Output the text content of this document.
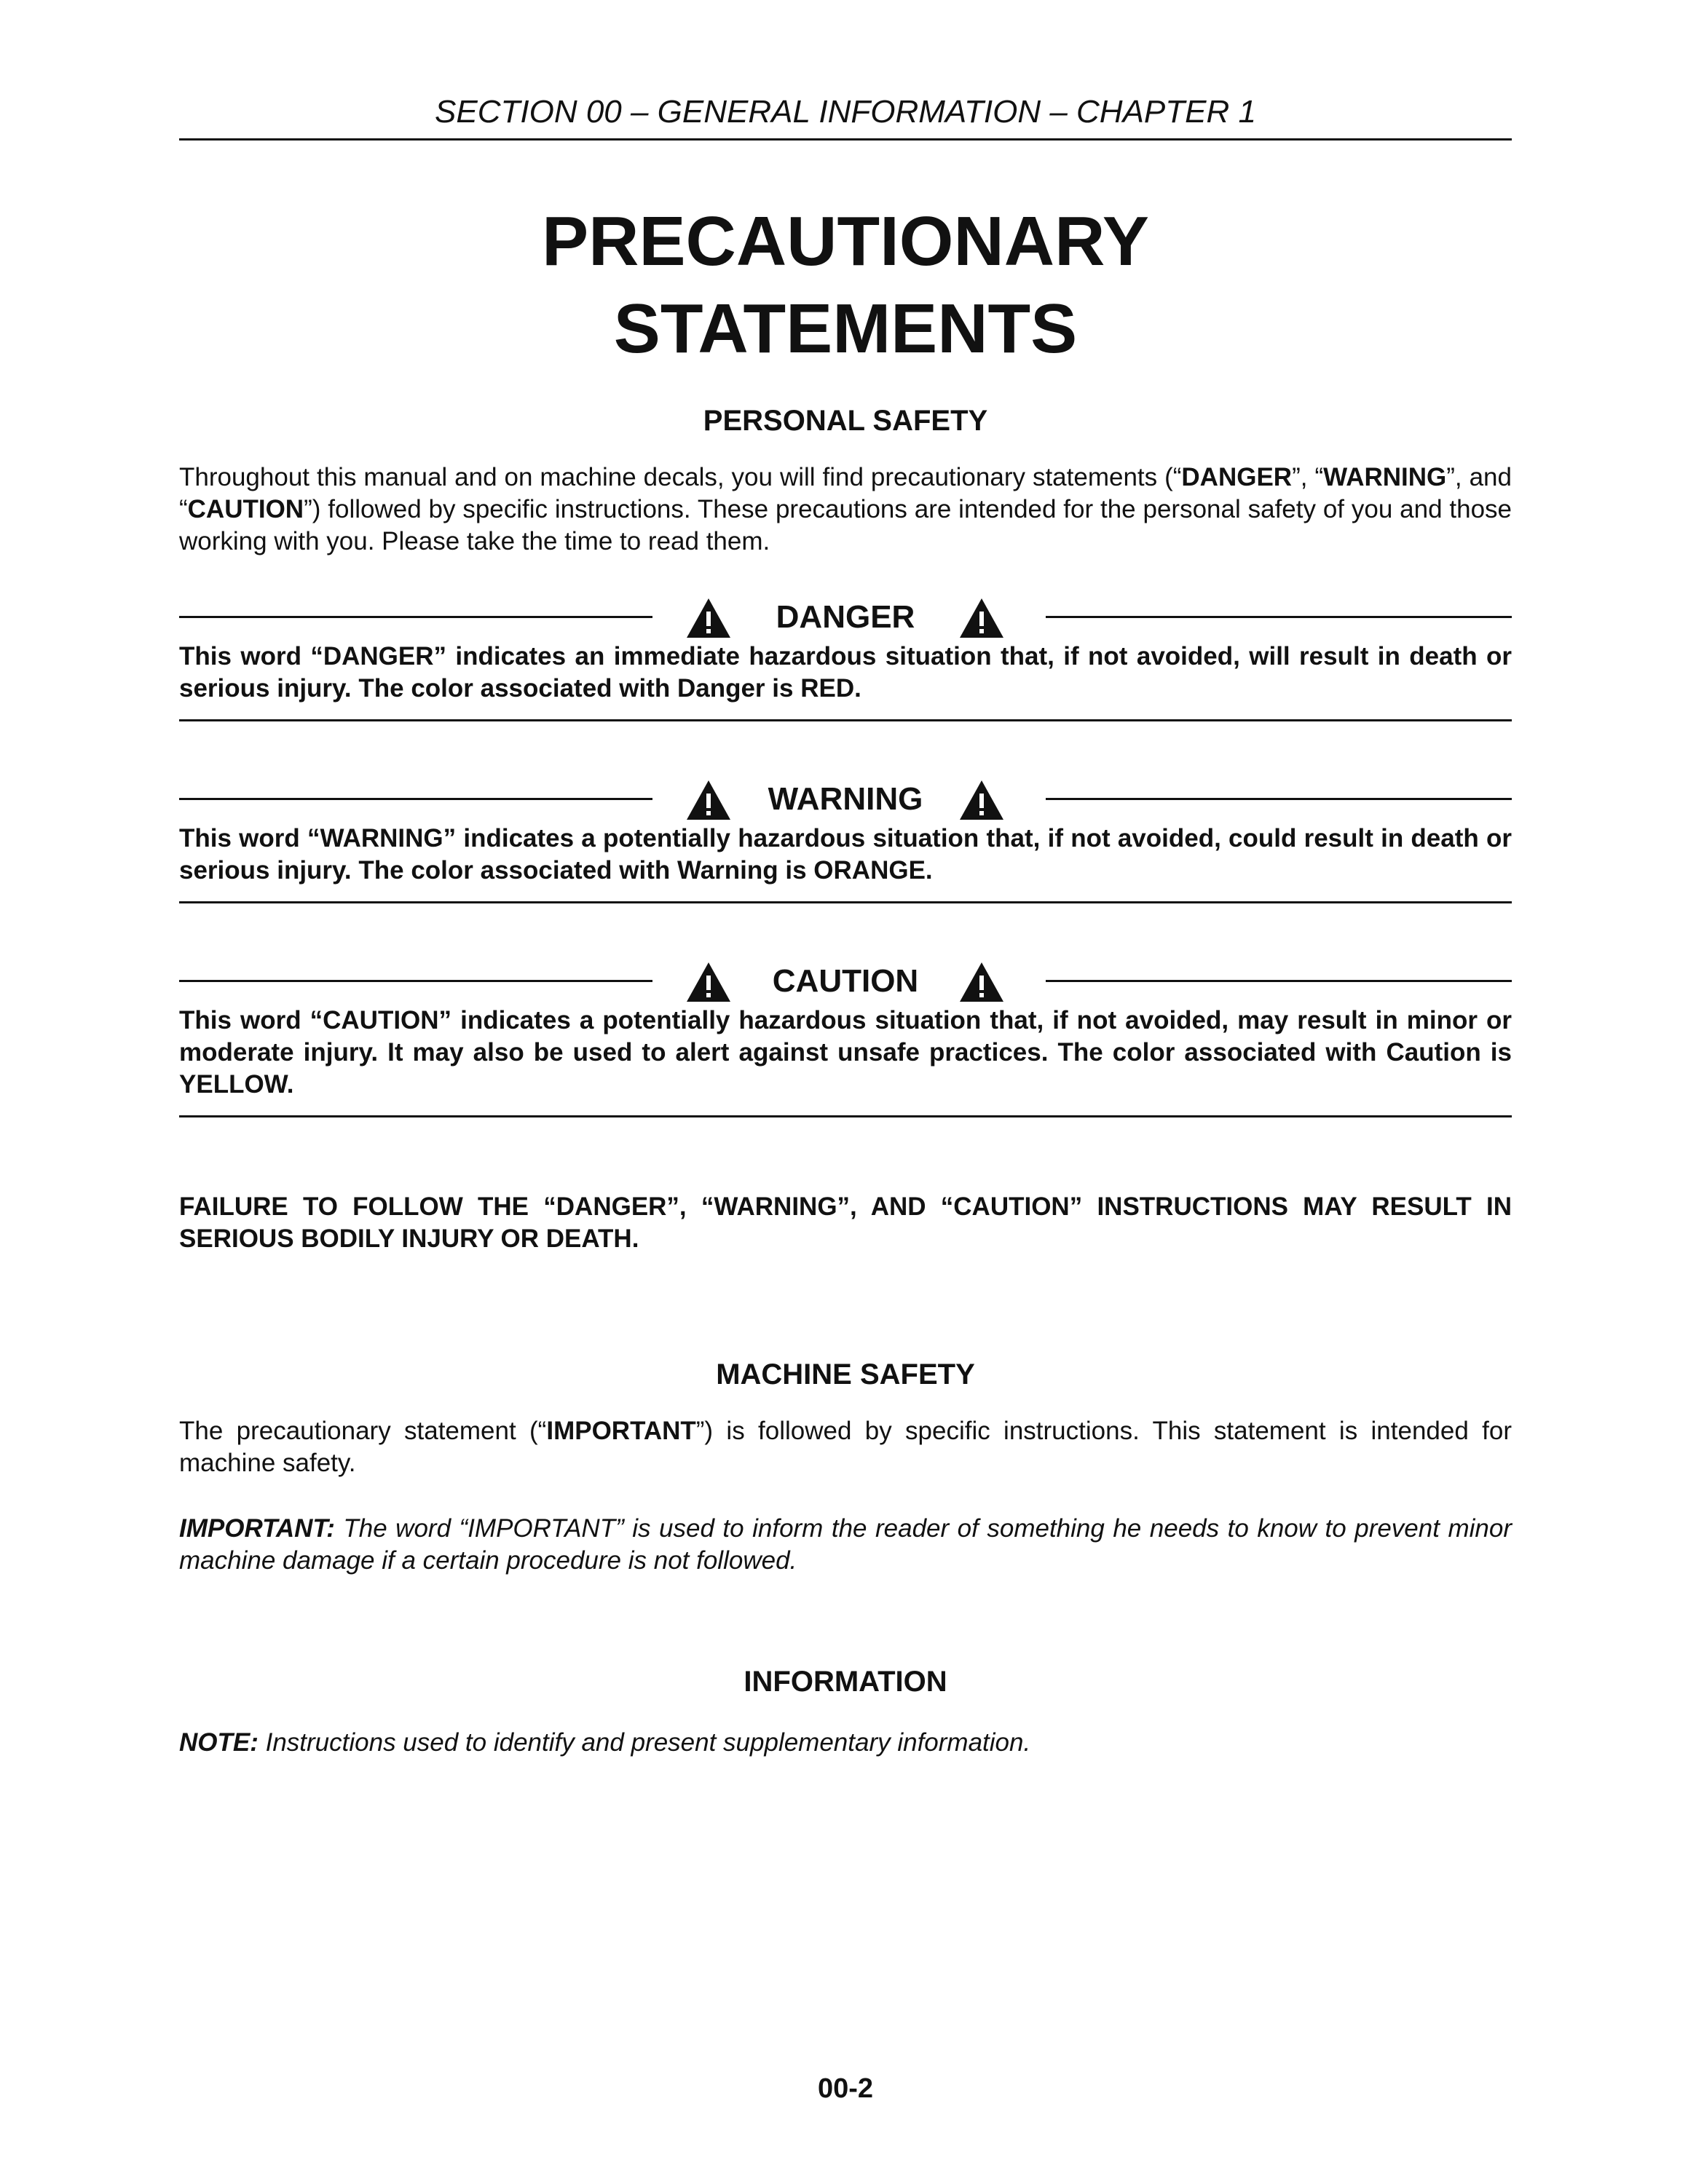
SECTION 00 – GENERAL INFORMATION – CHAPTER 1
PRECAUTIONARY
STATEMENTS
PERSONAL SAFETY
Throughout this manual and on machine decals, you will find precautionary statements (“DANGER”, “WARNING”, and “CAUTION”) followed by specific instructions. These precautions are intended for the personal safety of you and those working with you. Please take the time to read them.
DANGER
This word “DANGER” indicates an immediate hazardous situation that, if not avoided, will result in death or serious injury. The color associated with Danger is RED.
WARNING
This word “WARNING” indicates a potentially hazardous situation that, if not avoided, could result in death or serious injury. The color associated with Warning is ORANGE.
CAUTION
This word “CAUTION” indicates a potentially hazardous situation that, if not avoided, may result in minor or moderate injury. It may also be used to alert against unsafe practices. The color associated with Caution is YELLOW.
FAILURE TO FOLLOW THE “DANGER”, “WARNING”, AND “CAUTION” INSTRUCTIONS MAY RESULT IN SERIOUS BODILY INJURY OR DEATH.
MACHINE SAFETY
The precautionary statement (“IMPORTANT”) is followed by specific instructions. This statement is intended for machine safety.
IMPORTANT: The word “IMPORTANT” is used to inform the reader of something he needs to know to prevent minor machine damage if a certain procedure is not followed.
INFORMATION
NOTE: Instructions used to identify and present supplementary information.
00-2
